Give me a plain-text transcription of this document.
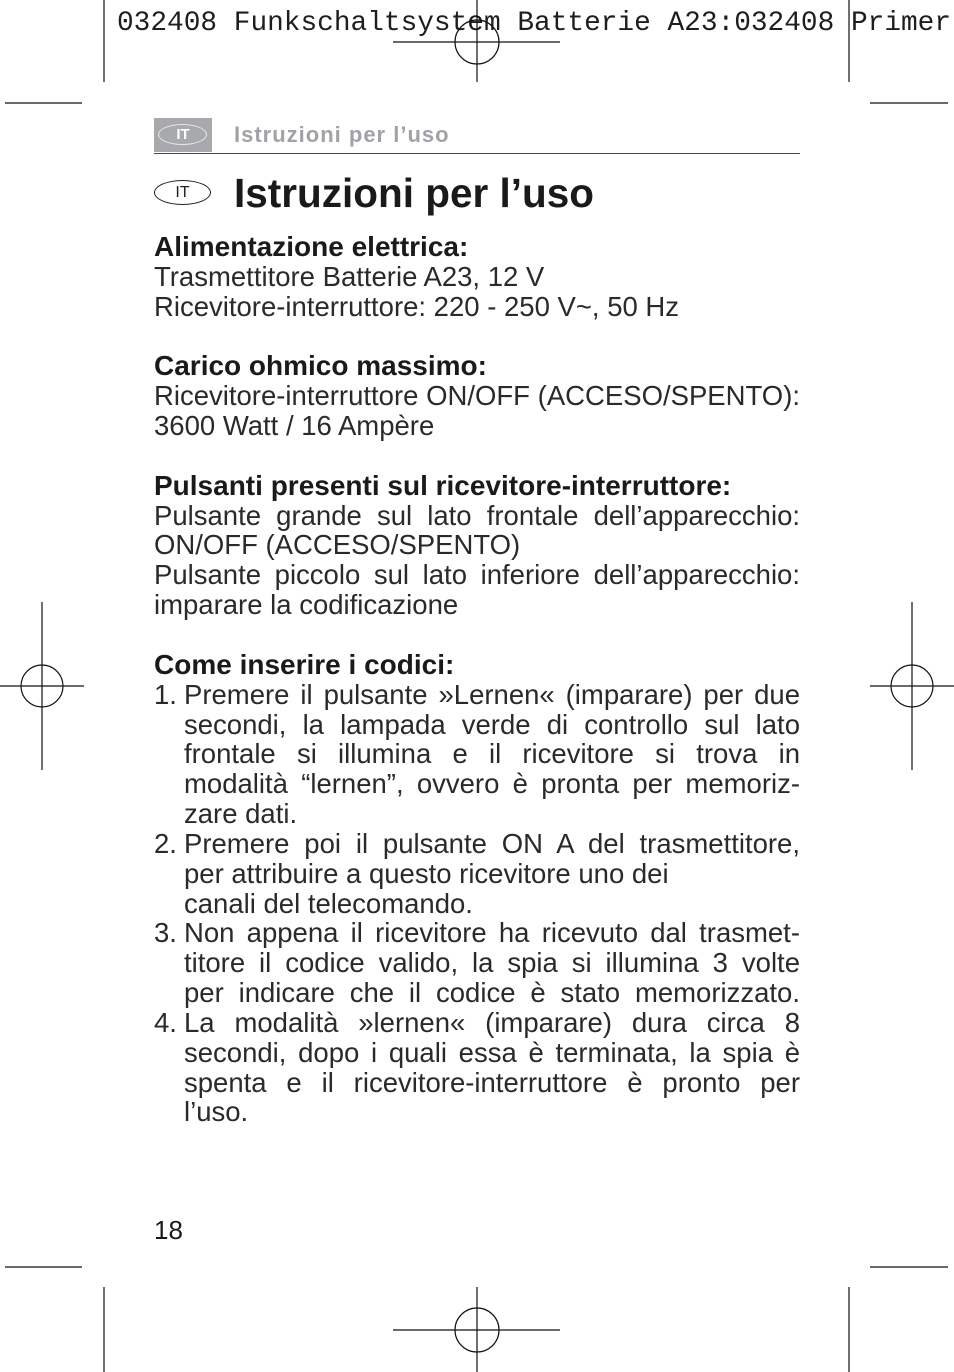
032408 Funkschaltsystem Batterie A23:032408 Primer
IT	Istruzioni per l’uso
IT	Istruzioni per l’uso
Alimentazione elettrica:
Trasmettitore Batterie A23, 12 V
Ricevitore-interruttore: 220 - 250 V~, 50 Hz
Carico ohmico massimo:
Ricevitore-interruttore ON/OFF (ACCESO/SPENTO):
3600 Watt / 16 Ampère
Pulsanti presenti sul ricevitore-interruttore:
Pulsante grande sul lato frontale dell’apparecchio:
ON/OFF (ACCESO/SPENTO)
Pulsante piccolo sul lato inferiore dell’apparecchio:
imparare la codificazione
Come inserire i codici:
1. Premere il pulsante »Lernen« (imparare) per due
secondi, la lampada verde di controllo sul lato
frontale si illumina e il ricevitore si trova in
modalità “lernen”, ovvero è pronta per memoriz-
zare dati.
2. Premere poi il pulsante ON A del trasmettitore,
per attribuire a questo ricevitore uno dei
canali del telecomando.
3. Non appena il ricevitore ha ricevuto dal trasmet-
titore il codice valido, la spia si illumina 3 volte
per indicare che il codice è stato memorizzato.
4. La modalità »lernen« (imparare) dura circa 8
secondi, dopo i quali essa è terminata, la spia è
spenta e il ricevitore-interruttore è pronto per
l’uso.
18
